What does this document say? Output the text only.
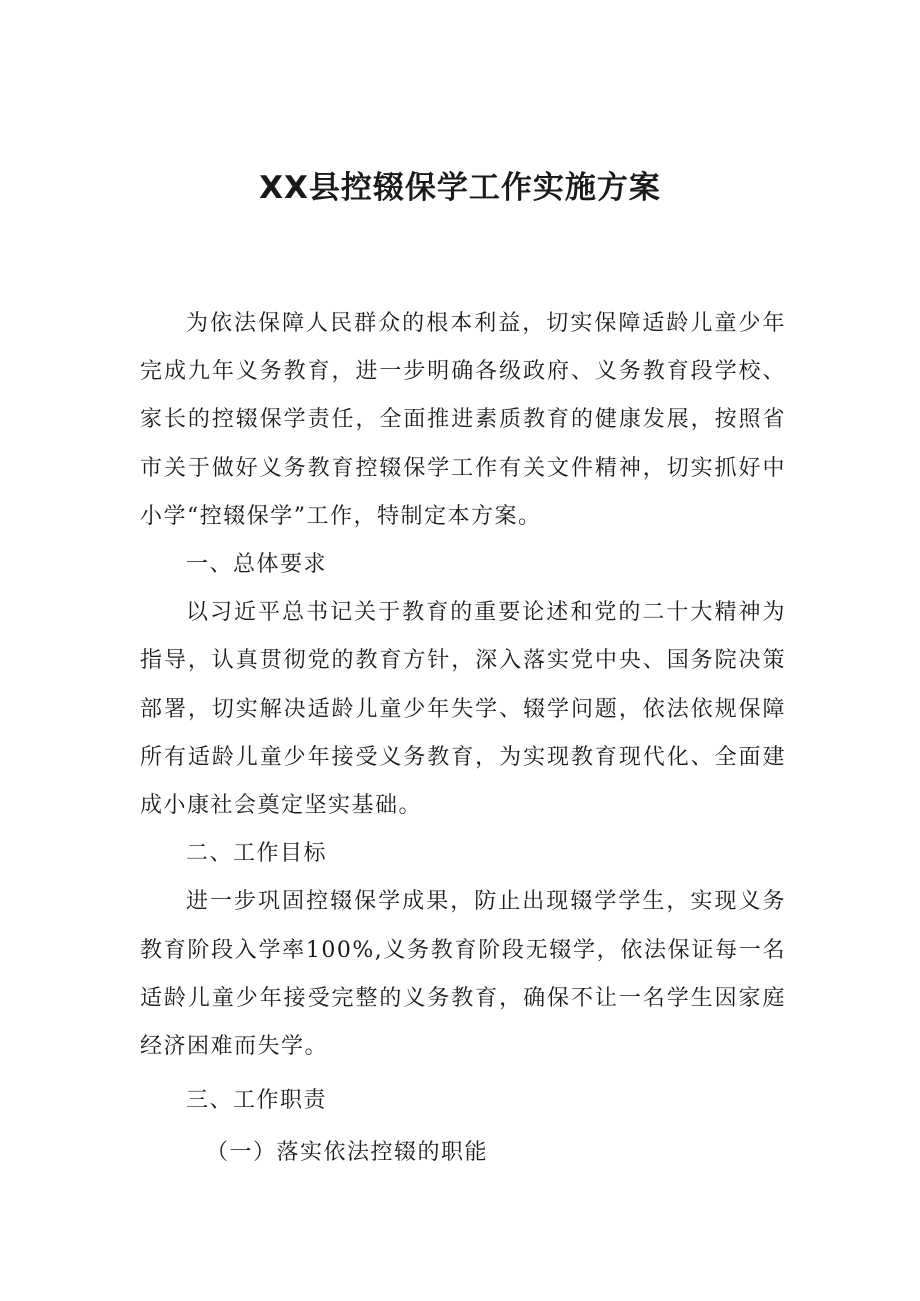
XX县控辍保学工作实施方案

为依法保障人民群众的根本利益，切实保障适龄儿童少年完成九年义务教育，进一步明确各级政府、义务教育段学校、家长的控辍保学责任，全面推进素质教育的健康发展，按照省市关于做好义务教育控辍保学工作有关文件精神，切实抓好中小学“控辍保学”工作，特制定本方案。

一、总体要求

以习近平总书记关于教育的重要论述和党的二十大精神为指导，认真贯彻党的教育方针，深入落实党中央、国务院决策部署，切实解决适龄儿童少年失学、辍学问题，依法依规保障所有适龄儿童少年接受义务教育，为实现教育现代化、全面建成小康社会奠定坚实基础。

二、工作目标

进一步巩固控辍保学成果，防止出现辍学学生，实现义务教育阶段入学率100%,义务教育阶段无辍学，依法保证每一名适龄儿童少年接受完整的义务教育，确保不让一名学生因家庭经济困难而失学。

三、工作职责

（一）落实依法控辍的职能
